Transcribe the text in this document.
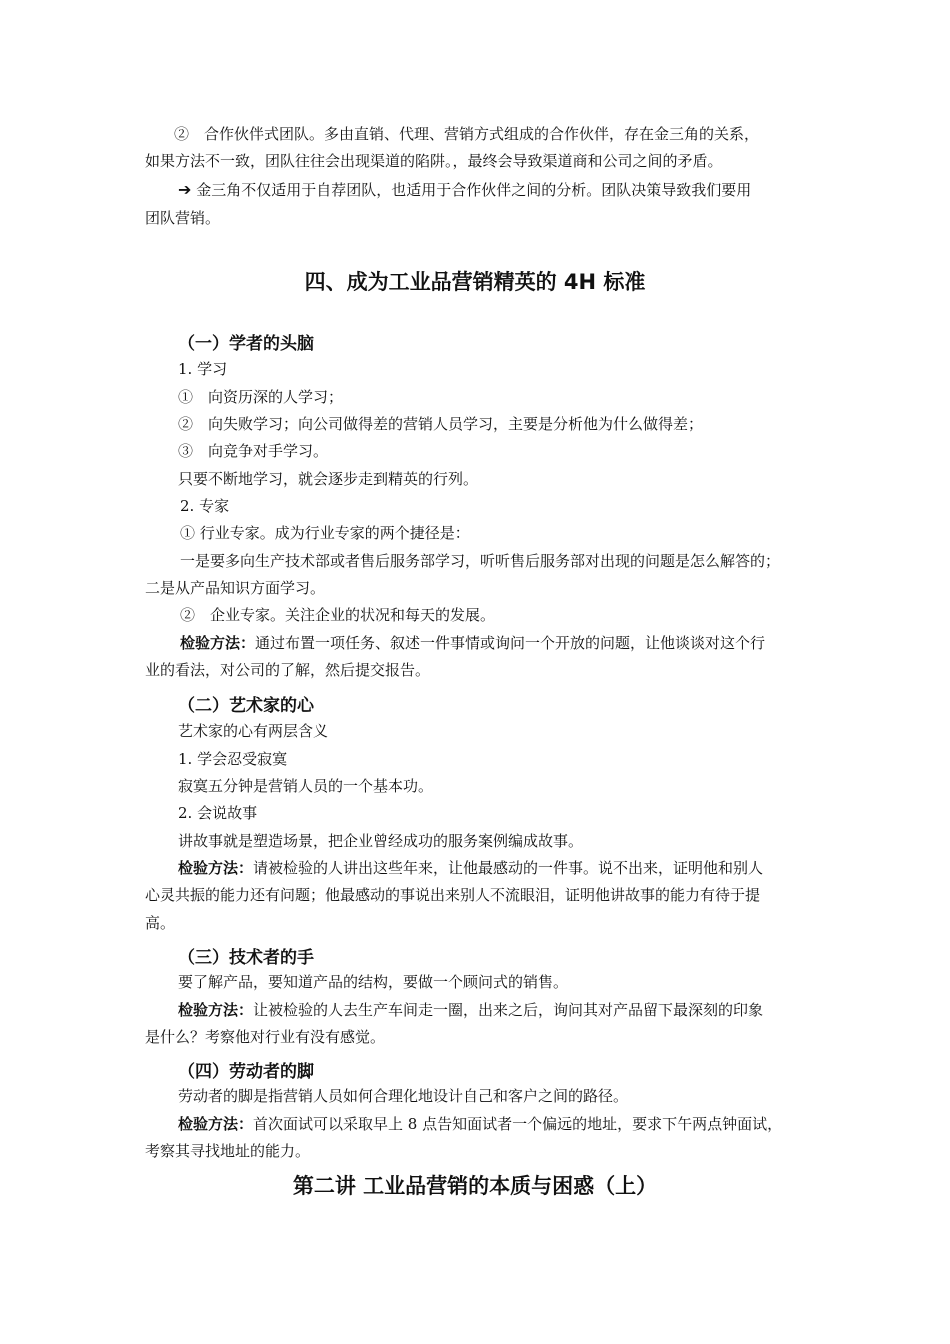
②　合作伙伴式团队。多由直销、代理、营销方式组成的合作伙伴，存在金三角的关系，
如果方法不一致，团队往往会出现渠道的陷阱。，最终会导致渠道商和公司之间的矛盾。
➔ 金三角不仅适用于自荐团队，也适用于合作伙伴之间的分析。团队决策导致我们要用
团队营销。
四、成为工业品营销精英的 4H 标准
（一）学者的头脑
1. 学习
①　向资历深的人学习；
②　向失败学习；向公司做得差的营销人员学习，主要是分析他为什么做得差；
③　向竞争对手学习。
只要不断地学习，就会逐步走到精英的行列。
2. 专家
① 行业专家。成为行业专家的两个捷径是：
一是要多向生产技术部或者售后服务部学习，听听售后服务部对出现的问题是怎么解答的；
二是从产品知识方面学习。
②　企业专家。关注企业的状况和每天的发展。
检验方法：通过布置一项任务、叙述一件事情或询问一个开放的问题，让他谈谈对这个行
业的看法，对公司的了解，然后提交报告。
（二）艺术家的心
艺术家的心有两层含义
1. 学会忍受寂寞
寂寞五分钟是营销人员的一个基本功。
2. 会说故事
讲故事就是塑造场景，把企业曾经成功的服务案例编成故事。
检验方法：请被检验的人讲出这些年来，让他最感动的一件事。说不出来，证明他和别人
心灵共振的能力还有问题；他最感动的事说出来别人不流眼泪，证明他讲故事的能力有待于提
高。
（三）技术者的手
要了解产品，要知道产品的结构，要做一个顾问式的销售。
检验方法：让被检验的人去生产车间走一圈，出来之后，询问其对产品留下最深刻的印象
是什么？考察他对行业有没有感觉。
（四）劳动者的脚
劳动者的脚是指营销人员如何合理化地设计自己和客户之间的路径。
检验方法：首次面试可以采取早上 8 点告知面试者一个偏远的地址，要求下午两点钟面试，
考察其寻找地址的能力。
第二讲 工业品营销的本质与困惑（上）
